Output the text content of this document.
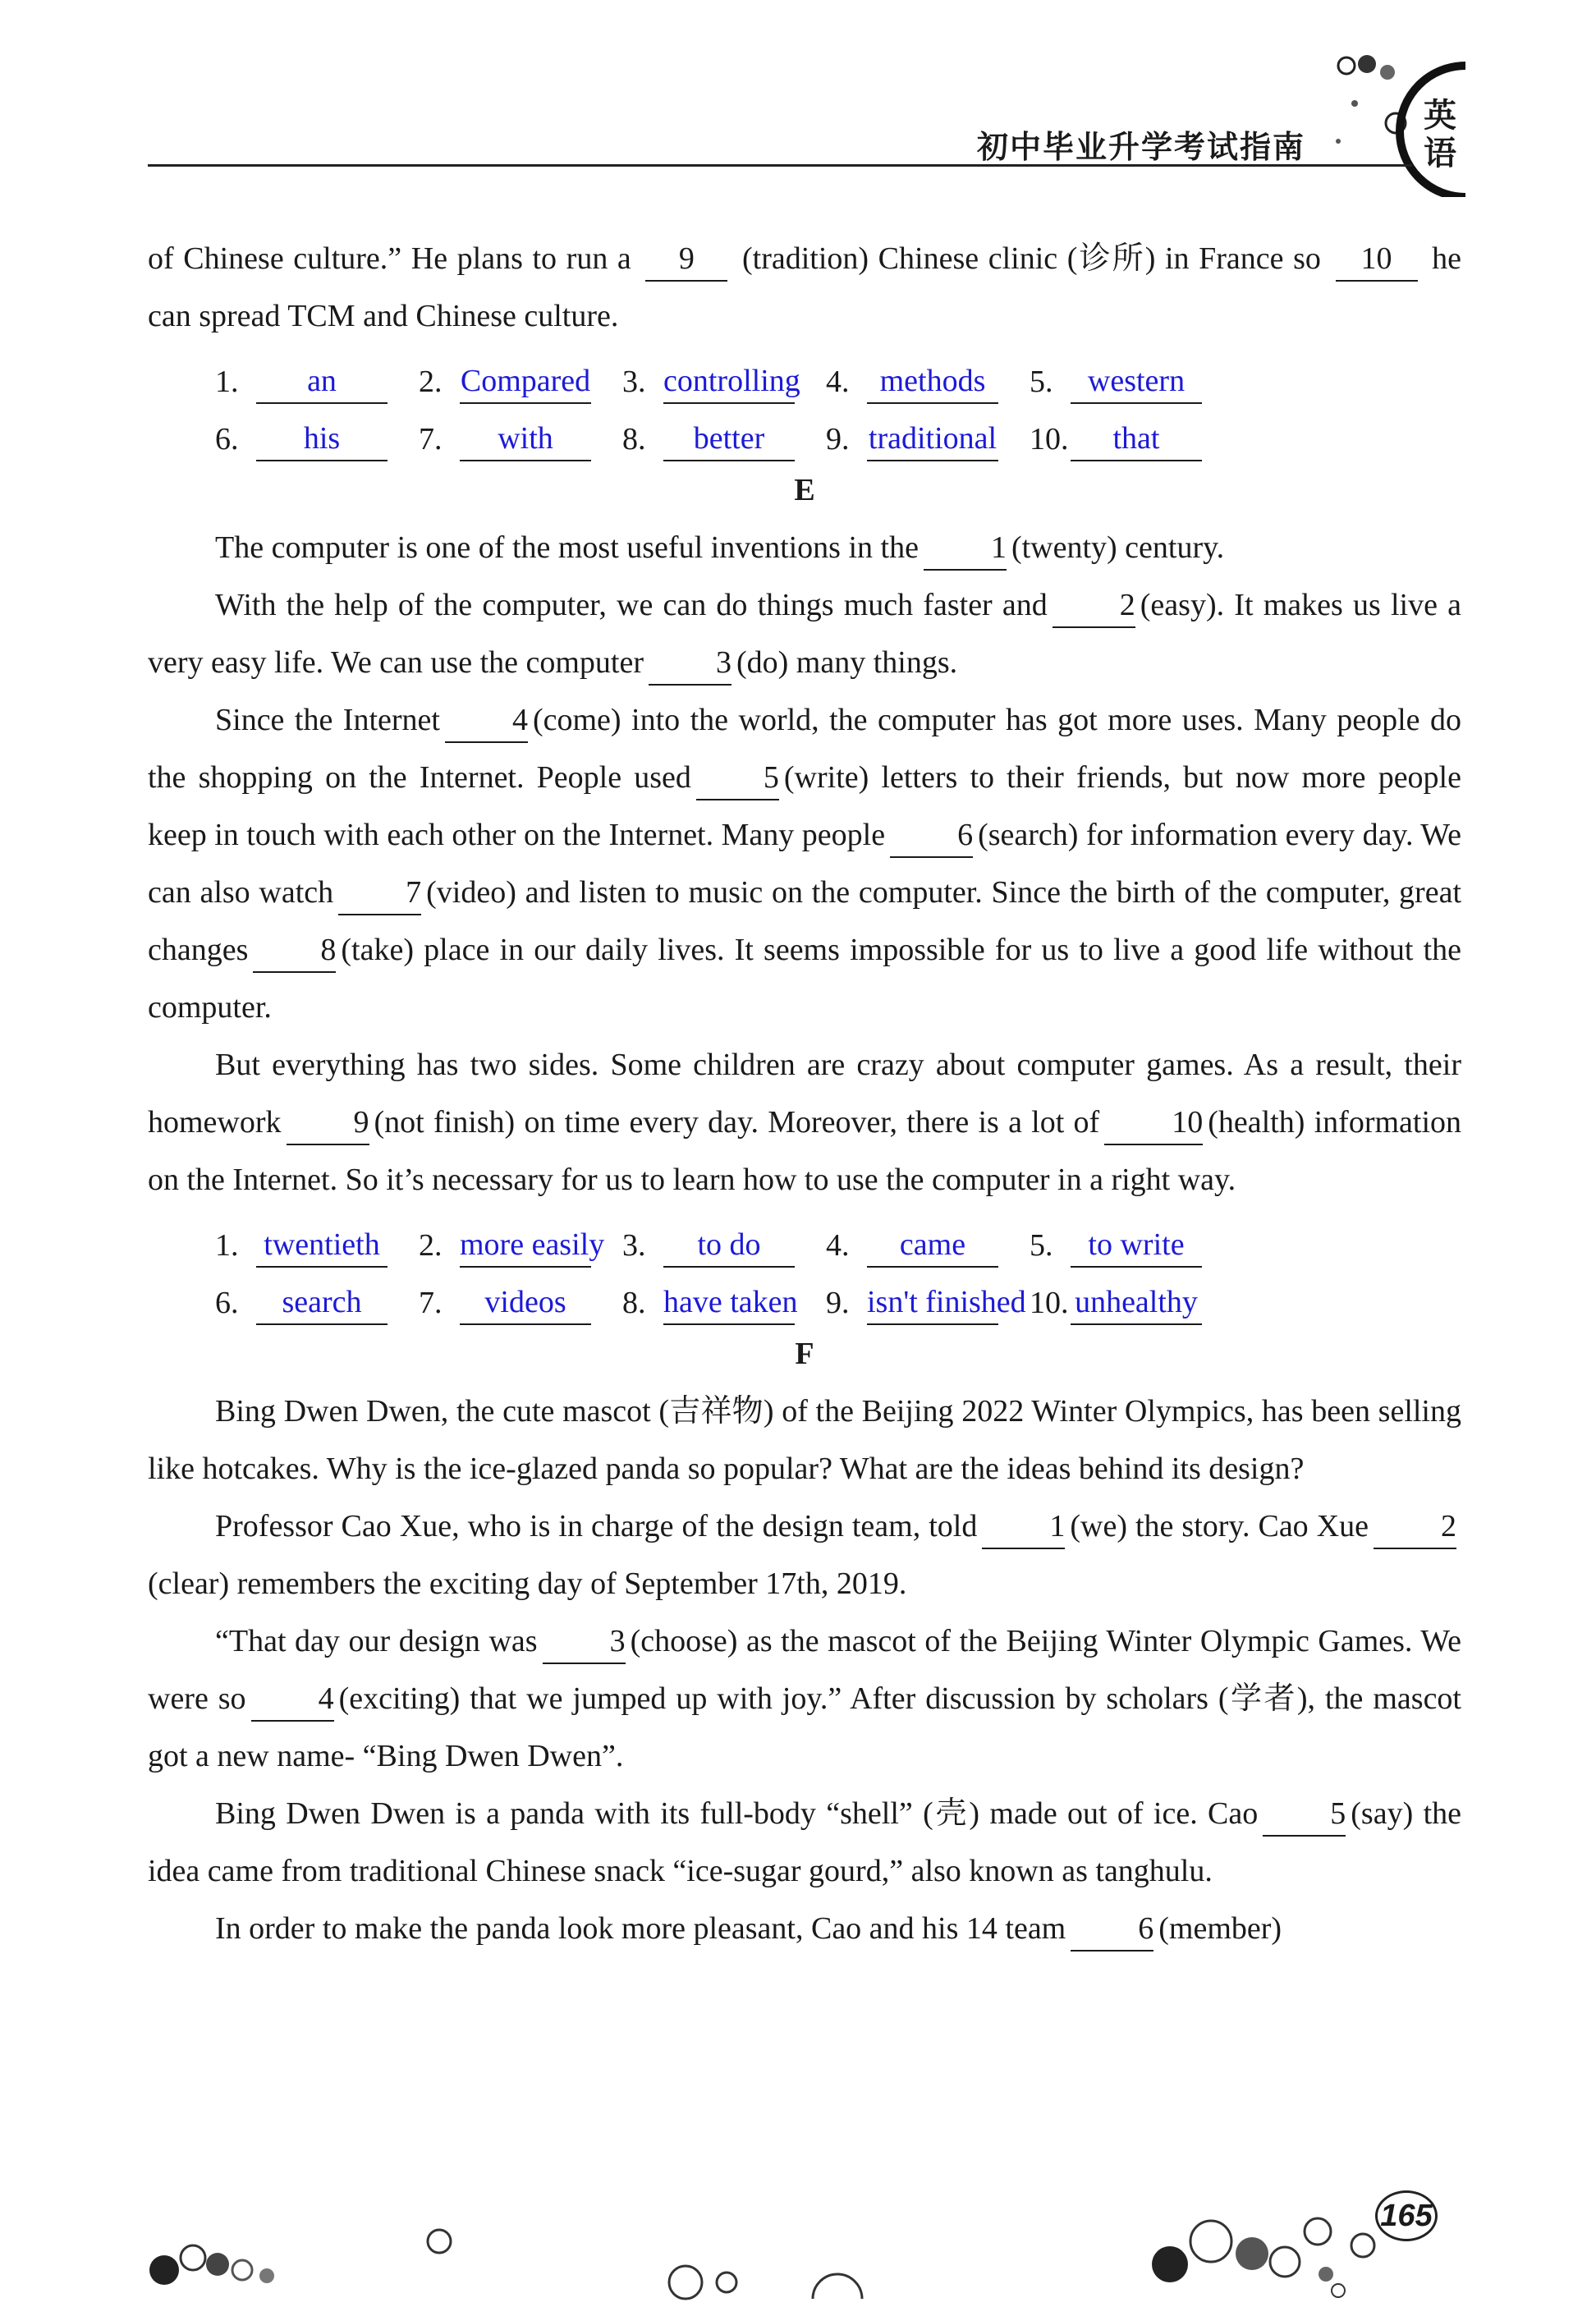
初中毕业升学考试指南
英语

of Chinese culture.” He plans to run a 9 (tradition) Chinese clinic (诊所) in France so 10 he can spread TCM and Chinese culture.

1.	an	2. Compared 3. controlling 4. methods	5.	western
6.	his	7.	with	8.	better	9. traditional 10.	that
E

The computer is one of the most useful inventions in the 1 (twenty) century.

With the help of the computer, we can do things much faster and 2 (easy). It makes us live a very easy life. We can use the computer 3 (do) many things.

Since the Internet 4 (come) into the world, the computer has got more uses. Many people do the shopping on the Internet. People used 5 (write) letters to their friends, but now more people keep in touch with each other on the Internet. Many people 6 (search) for information every day. We can also watch 7 (video) and listen to music on the computer. Since the birth of the computer, great changes 8 (take) place in our daily lives. It seems impossible for us to live a good life without the computer.

But everything has two sides. Some children are crazy about computer games. As a result, their homework 9 (not finish) on time every day. Moreover, there is a lot of 10 (health) information on the Internet. So it’s necessary for us to learn how to use the computer in a right way.

1. twentieth 2. more easily 3.	to do	4.	came	5.	to write
6.	search	7.	videos	8. have taken 9. isn't finished 10. unhealthy
F

Bing Dwen Dwen, the cute mascot (吉祥物) of the Beijing 2022 Winter Olympics, has been selling like hotcakes. Why is the ice-glazed panda so popular? What are the ideas behind its design?

Professor Cao Xue, who is in charge of the design team, told 1 (we) the story. Cao Xue 2(clear) remembers the exciting day of September 17th, 2019.

“That day our design was 3 (choose) as the mascot of the Beijing Winter Olympic Games. We were so 4 (exciting) that we jumped up with joy.” After discussion by scholars (学者), the mascot got a new name- “Bing Dwen Dwen”.

Bing Dwen Dwen is a panda with its full-body “shell” (壳) made out of ice. Cao 5 (say) the idea came from traditional Chinese snack “ice-sugar gourd,” also known as tanghulu.

In order to make the panda look more pleasant, Cao and his 14 team 6 (member)

165
